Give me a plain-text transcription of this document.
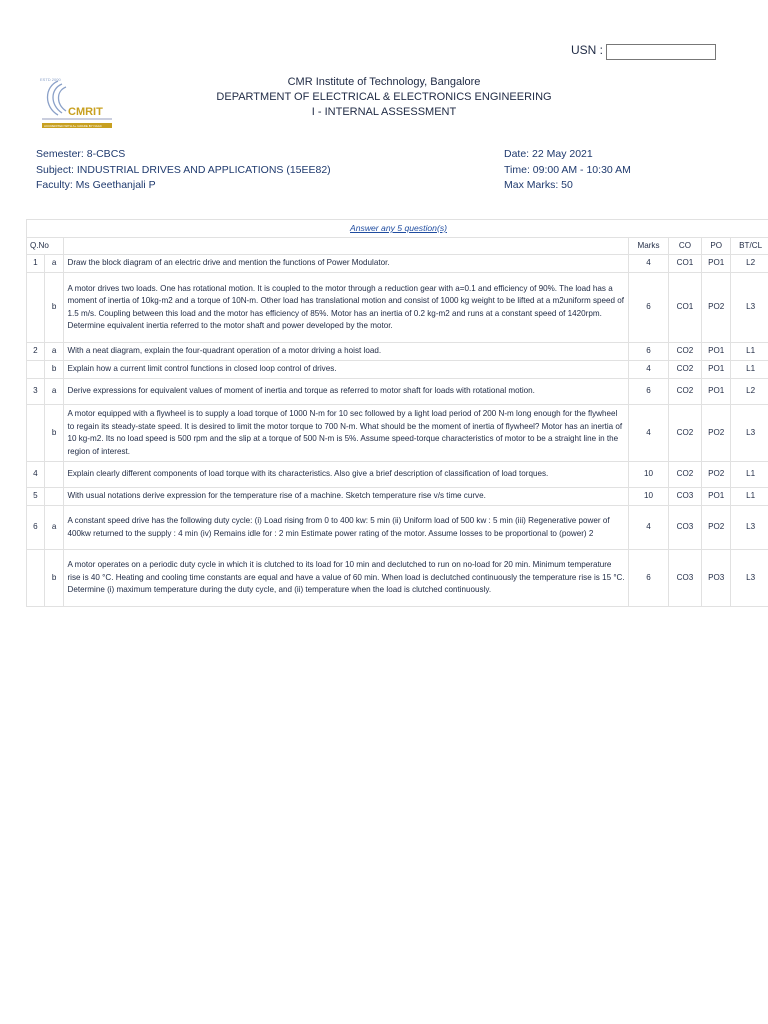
USN :
ESTD 2000
CMRIT
ACCREDITED WITH A+ GRADE BY NAAC
CMR Institute of Technology, Bangalore
DEPARTMENT OF ELECTRICAL & ELECTRONICS ENGINEERING
I - INTERNAL ASSESSMENT
Semester: 8-CBCS
Subject: INDUSTRIAL DRIVES AND APPLICATIONS (15EE82)
Faculty: Ms Geethanjali P
Date: 22 May 2021
Time: 09:00 AM - 10:30 AM
Max Marks: 50
Answer any 5 question(s)						
Q.No			Marks	CO	PO	BT/CL
1	a	Draw the block diagram of an electric drive and mention the functions of Power Modulator.	4	CO1	PO1	L2
	b	A motor drives two loads. One has rotational motion. It is coupled to the motor through a reduction gear with a=0.1 and efficiency of 90%. The load has a moment of inertia of 10kg-m2 and a torque of 10N-m. Other load has translational motion and consist of 1000 kg weight to be lifted at a m2uniform speed of 1.5 m/s. Coupling between this load and the motor has efficiency of 85%. Motor has an inertia of 0.2 kg-m2 and runs at a constant speed of 1420rpm. Determine equivalent inertia referred to the motor shaft and power developed by the motor.	6	CO1	PO2	L3
2	a	With a neat diagram, explain the four-quadrant operation of a motor driving a hoist load.	6	CO2	PO1	L1
	b	Explain how a current limit control functions in closed loop control of drives.	4	CO2	PO1	L1
3	a	Derive expressions for equivalent values of moment of inertia and torque as referred to motor shaft for loads with rotational motion.	6	CO2	PO1	L2
	b	A motor equipped with a flywheel is to supply a load torque of 1000 N-m for 10 sec followed by a light load period of 200 N-m long enough for the flywheel to regain its steady-state speed. It is desired to limit the motor torque to 700 N-m. What should be the moment of inertia of flywheel? Motor has an inertia of 10 kg-m2. Its no load speed is 500 rpm and the slip at a torque of 500 N-m is 5%. Assume speed-torque characteristics of motor to be a straight line in the region of interest.	4	CO2	PO2	L3
4		Explain clearly different components of load torque with its characteristics. Also give a brief description of classification of load torques.	10	CO2	PO2	L1
5		With usual notations derive expression for the temperature rise of a machine. Sketch temperature rise v/s time curve.	10	CO3	PO1	L1
6	a	A constant speed drive has the following duty cycle: (i) Load rising from 0 to 400 kw: 5 min (ii) Uniform load of 500 kw : 5 min (iii) Regenerative power of 400kw returned to the supply : 4 min (iv) Remains idle for : 2 min Estimate power rating of the motor. Assume losses to be proportional to (power) 2	4	CO3	PO2	L3
	b	A motor operates on a periodic duty cycle in which it is clutched to its load for 10 min and declutched to run on no-load for 20 min. Minimum temperature rise is 40 °C. Heating and cooling time constants are equal and have a value of 60 min. When load is declutched continuously the temperature rise is 15 °C. Determine (i) maximum temperature during the duty cycle, and (ii) temperature when the load is clutched continuously.	6	CO3	PO3	L3
